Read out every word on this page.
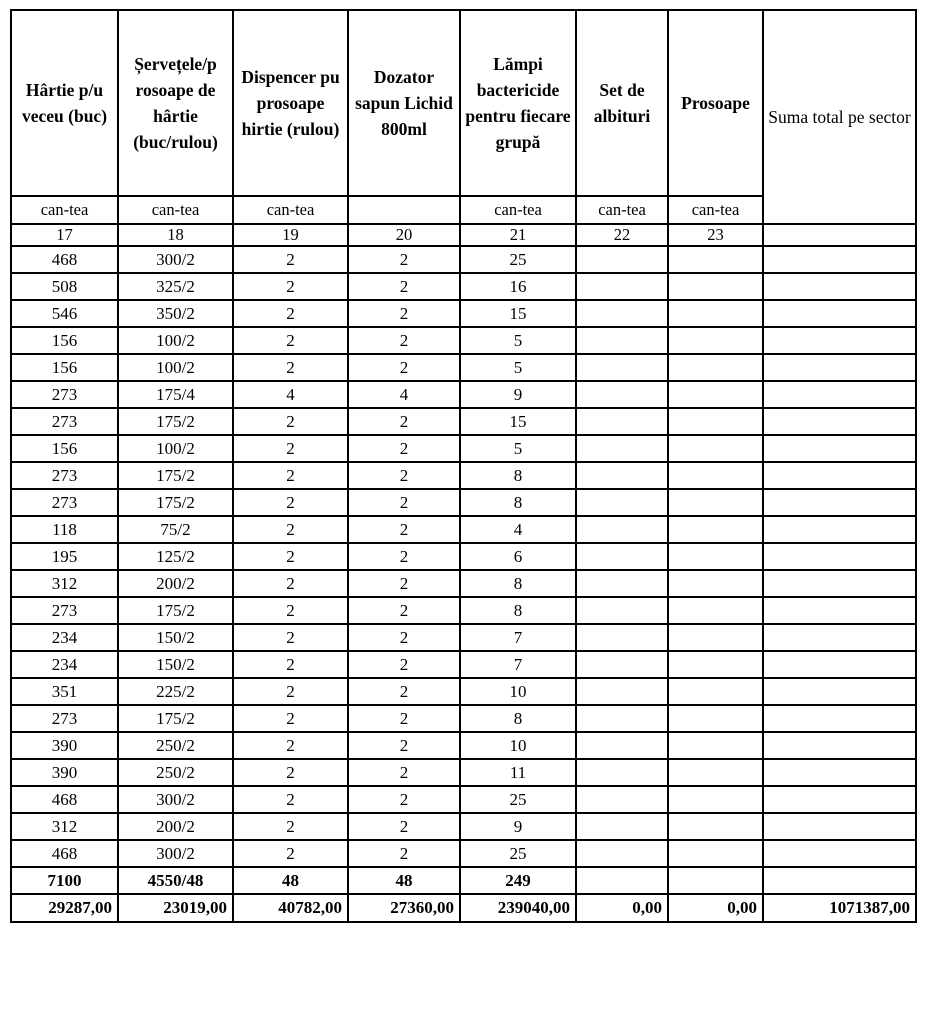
Hârtie p/u veceu (buc)	Șervețele/p rosoape de hârtie (buc/rulou)	Dispencer pu prosoape hirtie (rulou)	Dozator sapun Lichid 800ml	Lămpi bactericide pentru fiecare grupă	Set de albituri	Prosoape	Suma total pe sector
can-tea	can-tea	can-tea		can-tea	can-tea	can-tea	
17	18	19	20	21	22	23	
468	300/2	2	2	25			
508	325/2	2	2	16			
546	350/2	2	2	15			
156	100/2	2	2	5			
156	100/2	2	2	5			
273	175/4	4	4	9			
273	175/2	2	2	15			
156	100/2	2	2	5			
273	175/2	2	2	8			
273	175/2	2	2	8			
118	75/2	2	2	4			
195	125/2	2	2	6			
312	200/2	2	2	8			
273	175/2	2	2	8			
234	150/2	2	2	7			
234	150/2	2	2	7			
351	225/2	2	2	10			
273	175/2	2	2	8			
390	250/2	2	2	10			
390	250/2	2	2	11			
468	300/2	2	2	25			
312	200/2	2	2	9			
468	300/2	2	2	25			
7100	4550/48	48	48	249			
29287,00	23019,00	40782,00	27360,00	239040,00	0,00	0,00	1071387,00
